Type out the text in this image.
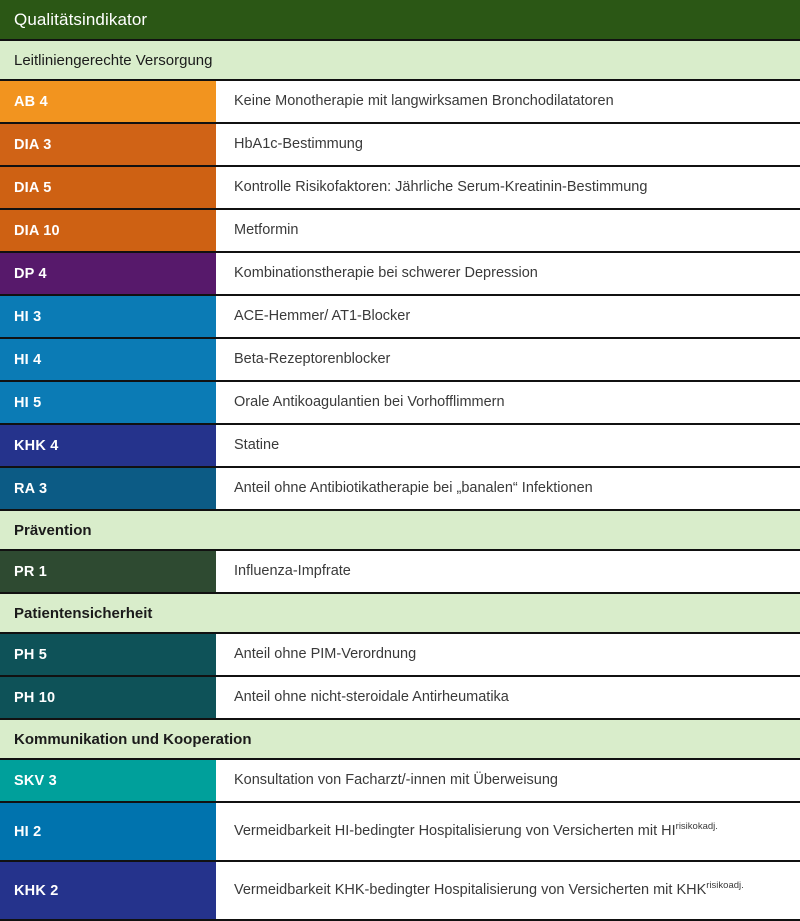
Qualitätsindikator
Leitliniengerechte Versorgung
AB 4	Keine Monotherapie mit langwirksamen Bronchodilatatoren
DIA 3	HbA1c-Bestimmung
DIA 5	Kontrolle Risikofaktoren: Jährliche Serum-Kreatinin-Bestimmung
DIA 10	Metformin
DP 4	Kombinationstherapie bei schwerer Depression
HI 3	ACE-Hemmer/ AT1-Blocker
HI 4	Beta-Rezeptorenblocker
HI 5	Orale Antikoagulantien bei Vorhofflimmern
KHK 4	Statine
RA 3	Anteil ohne Antibiotikatherapie bei „banalen“ Infektionen
Prävention
PR 1	Influenza-Impfrate
Patientensicherheit
PH 5	Anteil ohne PIM-Verordnung
PH 10	Anteil ohne nicht-steroidale Antirheumatika
Kommunikation und Kooperation
SKV 3	Konsultation von Facharzt/-innen mit Überweisung
HI 2	Vermeidbarkeit HI-bedingter Hospitalisierung von Versicherten mit $HI^{risikokadj.}$
KHK 2	Vermeidbarkeit KHK-bedingter Hospitalisierung von Versicherten mit $KHK^{risikoadj.}$
